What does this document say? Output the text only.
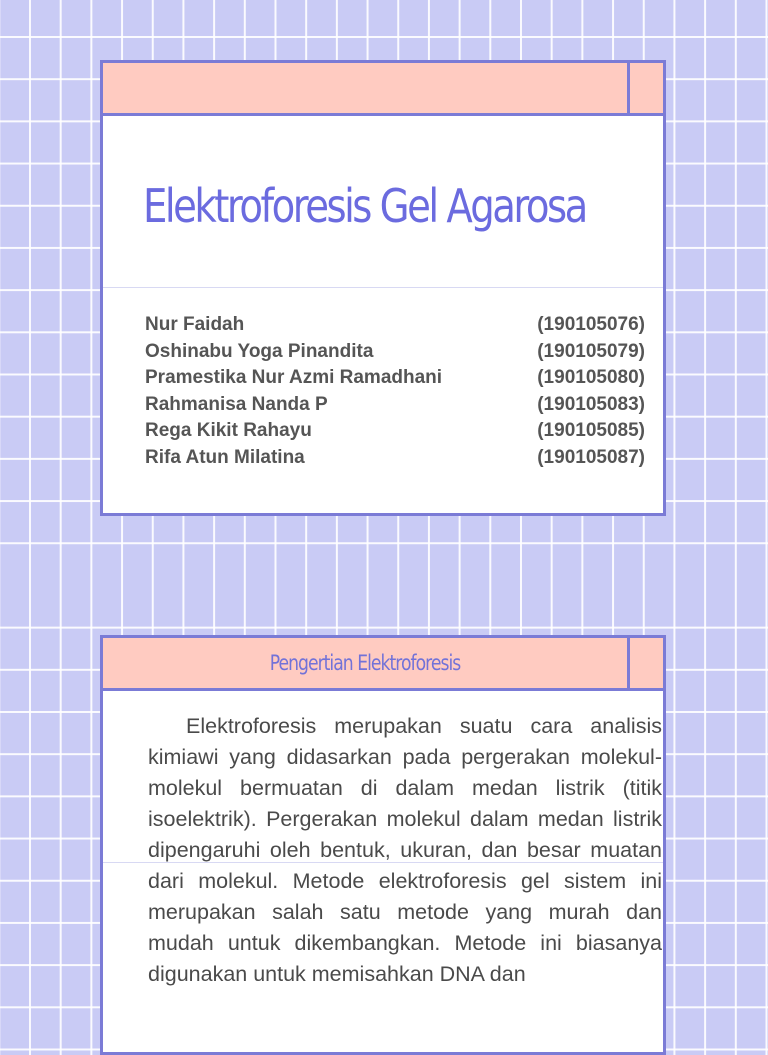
Elektroforesis Gel Agarosa
Nur Faidah	(190105076)
Oshinabu Yoga Pinandita	(190105079)
Pramestika Nur Azmi Ramadhani	(190105080)
Rahmanisa Nanda P	(190105083)
Rega Kikit Rahayu	(190105085)
Rifa Atun Milatina	(190105087)
Pengertian Elektroforesis

Elektroforesis merupakan suatu cara analisis kimiawi yang didasarkan pada pergerakan molekul-molekul bermuatan di dalam medan listrik (titik isoelektrik). Pergerakan molekul dalam medan listrik dipengaruhi oleh bentuk, ukuran, dan besar muatan dari molekul. Metode elektroforesis gel sistem ini merupakan salah satu metode yang murah dan mudah untuk dikembangkan. Metode ini biasanya digunakan untuk memisahkan DNA dan
